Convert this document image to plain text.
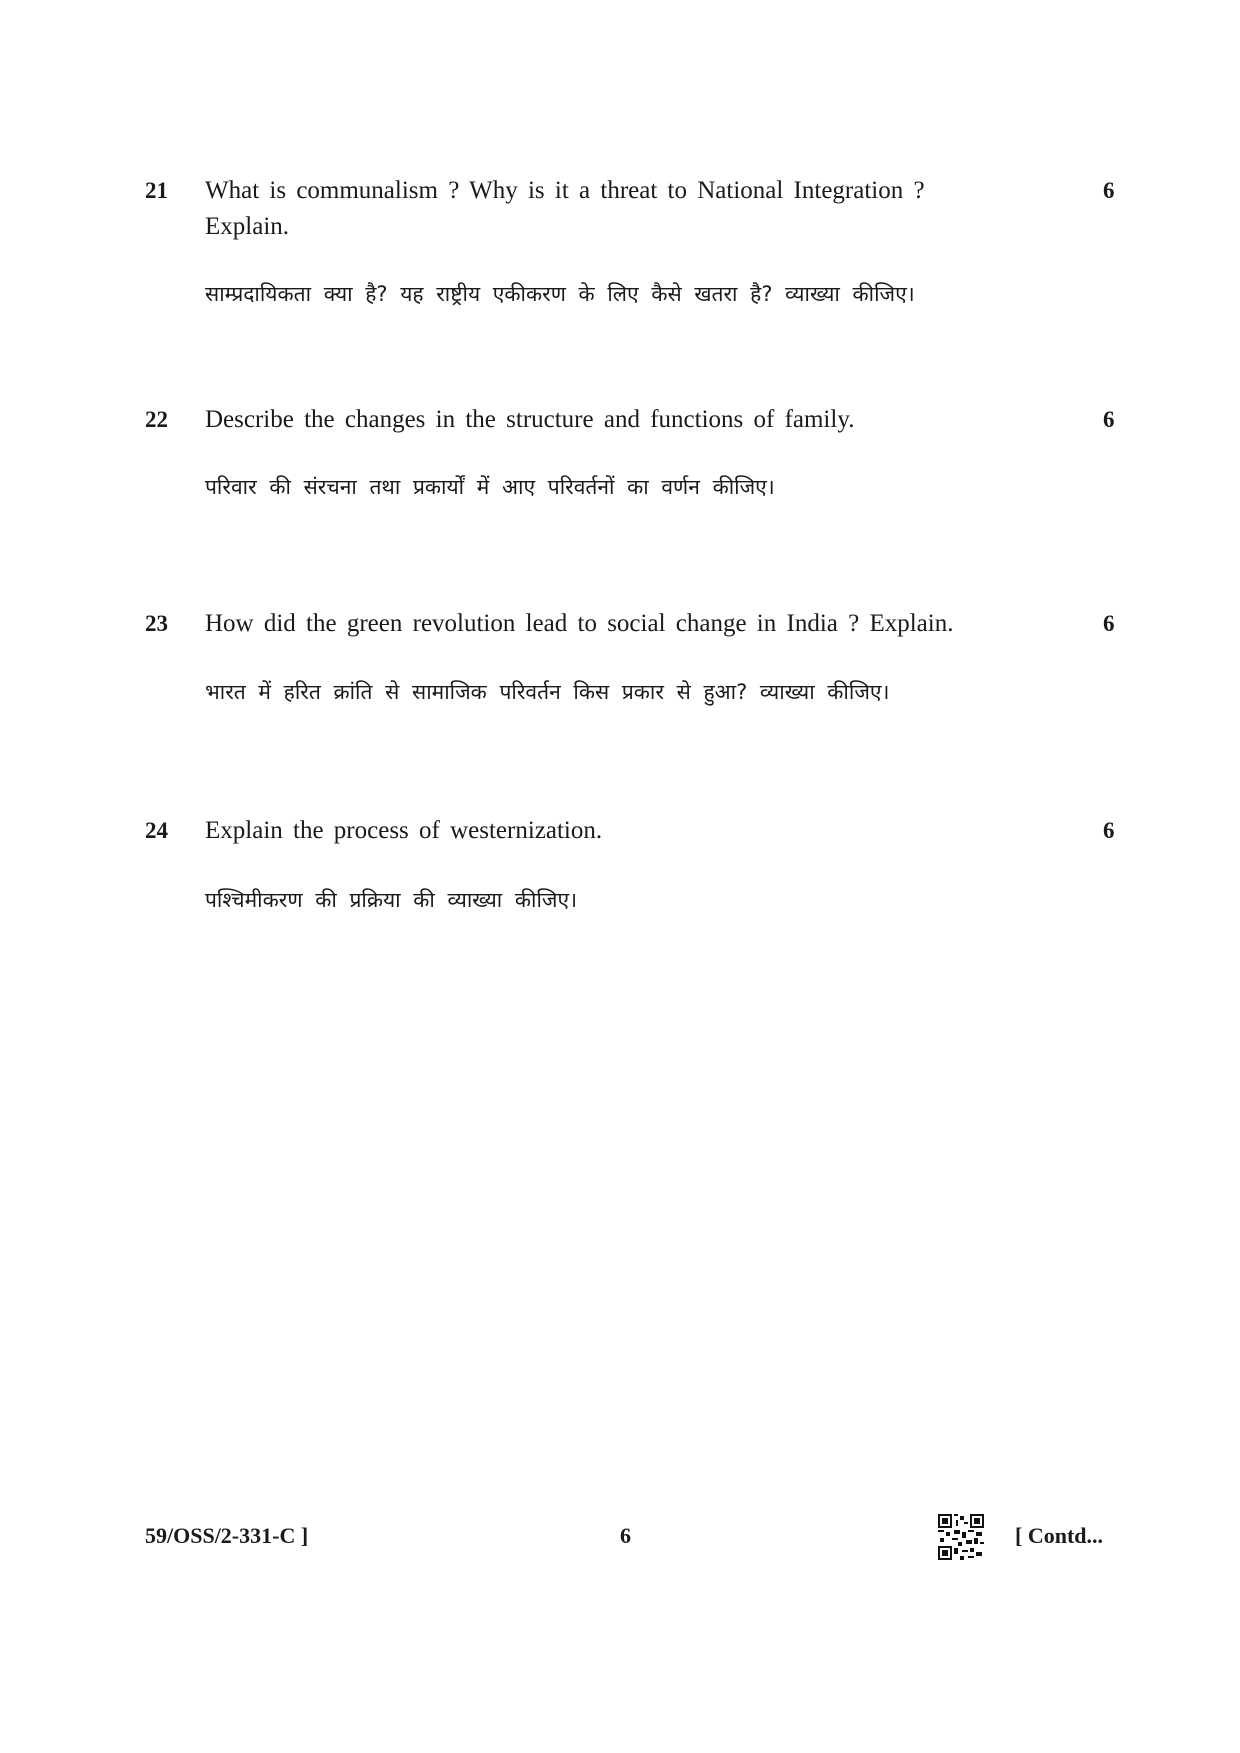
21 What is communalism ? Why is it a threat to National Integration ?
Explain.
6
साम्प्रदायिकता क्या है? यह राष्ट्रीय एकीकरण के लिए कैसे खतरा है? व्याख्या कीजिए।
22 Describe the changes in the structure and functions of family.	6
परिवार की संरचना तथा प्रकार्यों में आए परिवर्तनों का वर्णन कीजिए।
23 How did the green revolution lead to social change in India ? Explain.	6
भारत में हरित क्रांति से सामाजिक परिवर्तन किस प्रकार से हुआ? व्याख्या कीजिए।
24 Explain the process of westernization.	6
पश्चिमीकरण की प्रक्रिया की व्याख्या कीजिए।
59/OSS/2-331-C ]	6	[ Contd...
